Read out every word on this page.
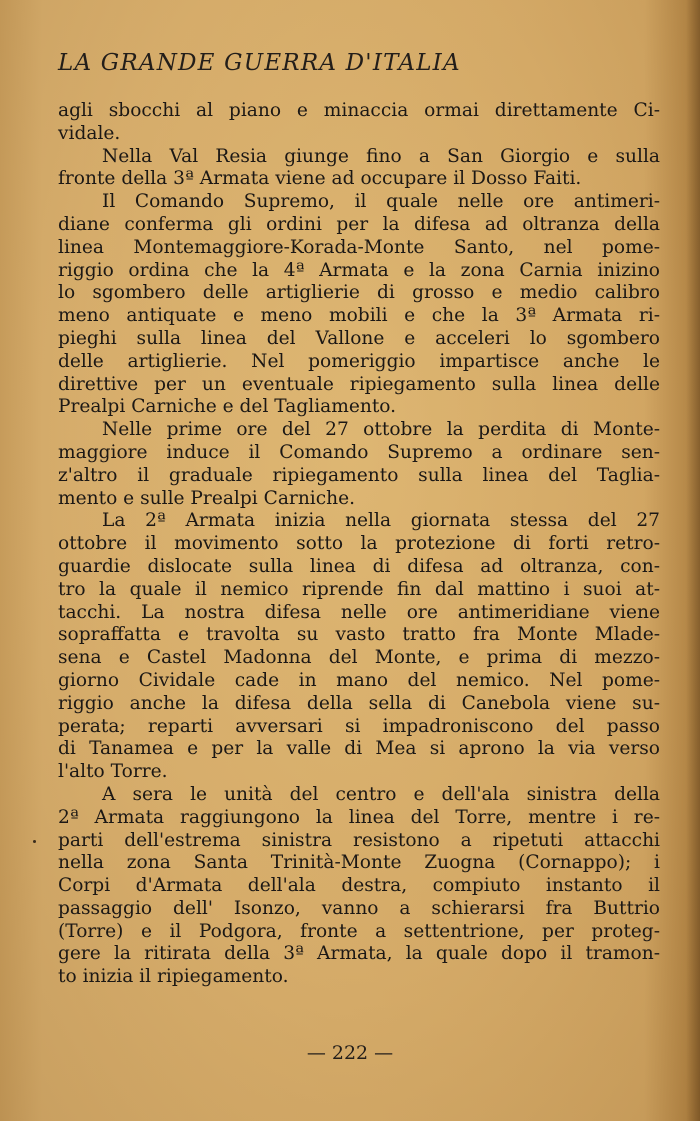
LA GRANDE GUERRA D'ITALIA
agli sbocchi al piano e minaccia ormai direttamente Ci-
vidale.
Nella Val Resia giunge fino a San Giorgio e sulla
fronte della 3ª Armata viene ad occupare il Dosso Faiti.
Il Comando Supremo, il quale nelle ore antimeri-
diane conferma gli ordini per la difesa ad oltranza della
linea Montemaggiore-Korada-Monte Santo, nel pome-
riggio ordina che la 4ª Armata e la zona Carnia inizino
lo sgombero delle artiglierie di grosso e medio calibro
meno antiquate e meno mobili e che la 3ª Armata ri-
pieghi sulla linea del Vallone e acceleri lo sgombero
delle artiglierie. Nel pomeriggio impartisce anche le
direttive per un eventuale ripiegamento sulla linea delle
Prealpi Carniche e del Tagliamento.
Nelle prime ore del 27 ottobre la perdita di Monte-
maggiore induce il Comando Supremo a ordinare sen-
z'altro il graduale ripiegamento sulla linea del Taglia-
mento e sulle Prealpi Carniche.
La 2ª Armata inizia nella giornata stessa del 27
ottobre il movimento sotto la protezione di forti retro-
guardie dislocate sulla linea di difesa ad oltranza, con-
tro la quale il nemico riprende fin dal mattino i suoi at-
tacchi. La nostra difesa nelle ore antimeridiane viene
sopraffatta e travolta su vasto tratto fra Monte Mlade-
sena e Castel Madonna del Monte, e prima di mezzo-
giorno Cividale cade in mano del nemico. Nel pome-
riggio anche la difesa della sella di Canebola viene su-
perata; reparti avversari si impadroniscono del passo
di Tanamea e per la valle di Mea si aprono la via verso
l'alto Torre.
A sera le unità del centro e dell'ala sinistra della
2ª Armata raggiungono la linea del Torre, mentre i re-
parti dell'estrema sinistra resistono a ripetuti attacchi
nella zona Santa Trinità-Monte Zuogna (Cornappo); i
Corpi d'Armata dell'ala destra, compiuto instanto il
passaggio dell' Isonzo, vanno a schierarsi fra Buttrio
(Torre) e il Podgora, fronte a settentrione, per proteg-
gere la ritirata della 3ª Armata, la quale dopo il tramon-
to inizia il ripiegamento.
— 222 —
